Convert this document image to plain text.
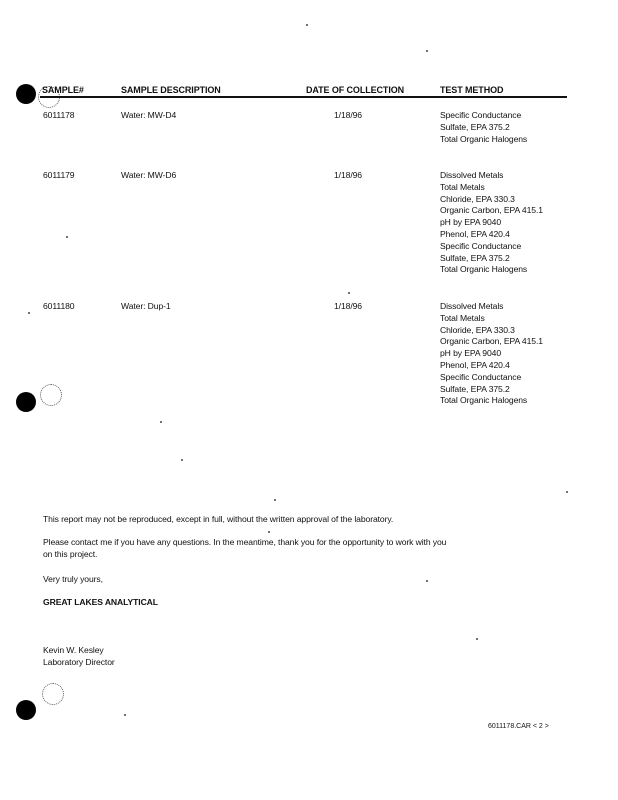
SAMPLE#	SAMPLE DESCRIPTION	DATE OF COLLECTION	TEST METHOD
6011178	Water: MW-D4	1/18/96	Specific Conductance
Sulfate, EPA 375.2
Total Organic Halogens
6011179	Water: MW-D6	1/18/96	Dissolved Metals
Total Metals
Chloride, EPA 330.3
Organic Carbon, EPA 415.1
pH by EPA 9040
Phenol, EPA 420.4
Specific Conductance
Sulfate, EPA 375.2
Total Organic Halogens
6011180	Water: Dup-1	1/18/96	Dissolved Metals
Total Metals
Chloride, EPA 330.3
Organic Carbon, EPA 415.1
pH by EPA 9040
Phenol, EPA 420.4
Specific Conductance
Sulfate, EPA 375.2
Total Organic Halogens
This report may not be reproduced, except in full, without the written approval of the laboratory.
Please contact me if you have any questions. In the meantime, thank you for the opportunity to work with you
on this project.
Very truly yours,
GREAT LAKES ANALYTICAL
Kevin W. Kesley
Laboratory Director
6011178.CAR < 2 >
